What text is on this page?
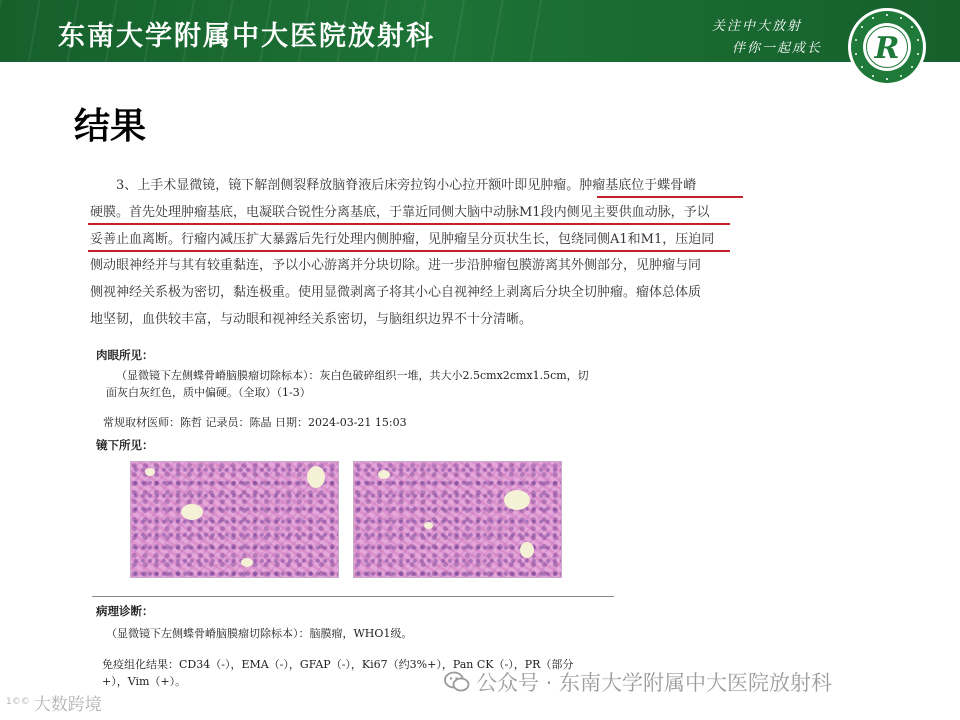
东南大学附属中大医院放射科	关注中大放射
伴你一起成长 R
结果
3、上手术显微镜，镜下解剖侧裂释放脑脊液后床旁拉钩小心拉开额叶即见肿瘤。肿瘤基底位于蝶骨嵴
硬膜。首先处理肿瘤基底，电凝联合锐性分离基底，于靠近同侧大脑中动脉M1段内侧见主要供血动脉，予以
妥善止血离断。行瘤内减压扩大暴露后先行处理内侧肿瘤，见肿瘤呈分页状生长，包绕同侧A1和M1，压迫同
侧动眼神经并与其有较重黏连，予以小心游离并分块切除。进一步沿肿瘤包膜游离其外侧部分，见肿瘤与同
侧视神经关系极为密切，黏连极重。使用显微剥离子将其小心自视神经上剥离后分块全切肿瘤。瘤体总体质
地坚韧，血供较丰富，与动眼和视神经关系密切，与脑组织边界不十分清晰。
肉眼所见：
（显微镜下左侧蝶骨嵴脑膜瘤切除标本）：灰白色破碎组织一堆，共大小2.5cmx2cmx1.5cm，切
面灰白灰红色，质中偏硬。（全取）（1-3）
常规取材医师：陈哲 记录员：陈晶 日期：2024-03-21 15:03
镜下所见：
病理诊断：
（显微镜下左侧蝶骨嵴脑膜瘤切除标本）：脑膜瘤，WHO1级。
免疫组化结果：CD34（-），EMA（-），GFAP（-），Ki67（约3%+），Pan CK（-），PR（部分
+），Vim（+）。	公众号 · 东南大学附属中大医院放射科
$^{1©©}$ 大数跨境
